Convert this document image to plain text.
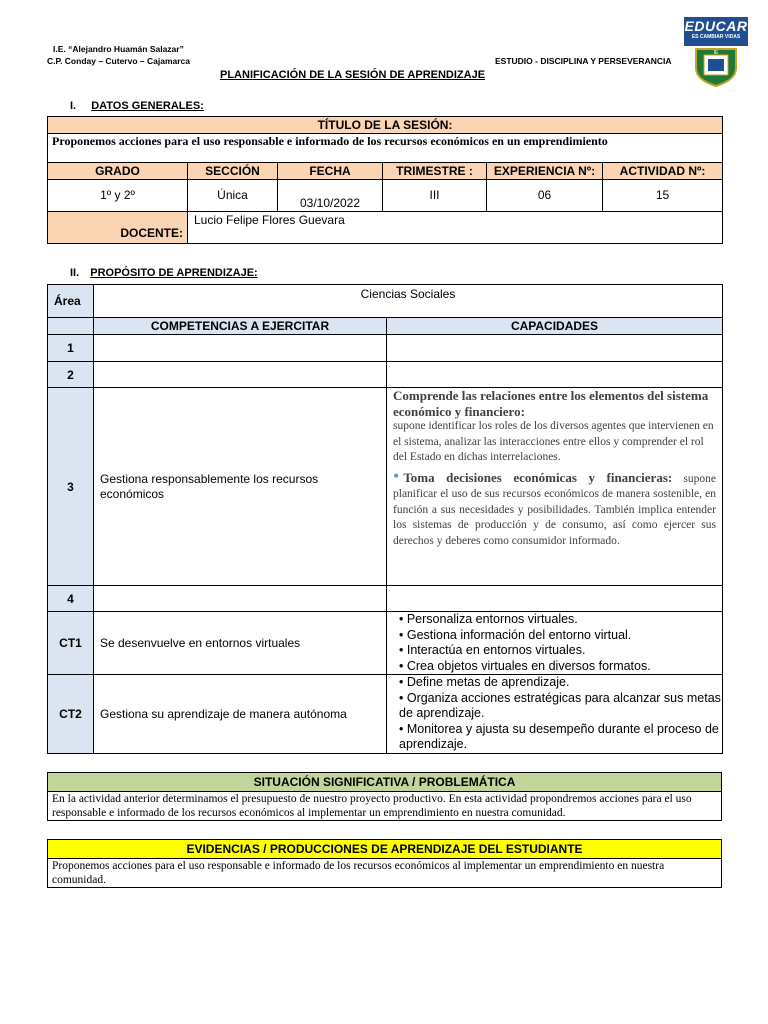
I.E. “Alejandro Huamán Salazar”
C.P. Conday – Cutervo – Cajamarca	ESTUDIO - DISCIPLINA Y PERSEVERANCIA
EDUCAR
ES CAMBIAR VIDAS
IE
PLANIFICACIÓN DE LA SESIÓN DE APRENDIZAJE
I. DATOS GENERALES:
TÍTULO DE LA SESIÓN:					
Proponemos acciones para el uso responsable e informado de los recursos económicos en un emprendimiento					
GRADO	SECCIÓN	FECHA	TRIMESTRE :	EXPERIENCIA Nº:	ACTIVIDAD Nº:
1º y 2º	Única	03/10/2022	III	06	15
DOCENTE:	Lucio Felipe Flores Guevara				
II. PROPÓSITO DE APRENDIZAJE:
Área	Ciencias Sociales	
	COMPETENCIAS A EJERCITAR	CAPACIDADES
1		
2		
3	Gestiona responsablemente los recursos económicos	Comprende las relaciones entre los elementos del sistema económico y financiero:
supone identificar los roles de los diversos agentes que intervienen en el sistema, analizar las interacciones entre ellos y comprender el rol del Estado en dichas interrelaciones.
• Toma decisiones económicas y financieras: supone planificar el uso de sus recursos económicos de manera sostenible, en función a sus necesidades y posibilidades. También implica entender los sistemas de producción y de consumo, así como ejercer sus derechos y deberes como consumidor informado.

4		
CT1	Se desenvuelve en entornos virtuales	• Personaliza entornos virtuales.
• Gestiona información del entorno virtual.
• Interactúa en entornos virtuales.
• Crea objetos virtuales en diversos formatos.

CT2	Gestiona su aprendizaje de manera autónoma	• Define metas de aprendizaje.
• Organiza acciones estratégicas para alcanzar sus metas de aprendizaje.
• Monitorea y ajusta su desempeño durante el proceso de aprendizaje.
SITUACIÓN SIGNIFICATIVA / PROBLEMÁTICA
En la actividad anterior determinamos el presupuesto de nuestro proyecto productivo. En esta actividad propondremos acciones para el uso responsable e informado de los recursos económicos al implementar un emprendimiento en nuestra comunidad.
EVIDENCIAS / PRODUCCIONES DE APRENDIZAJE DEL ESTUDIANTE
Proponemos acciones para el uso responsable e informado de los recursos económicos al implementar un emprendimiento en nuestra comunidad.
